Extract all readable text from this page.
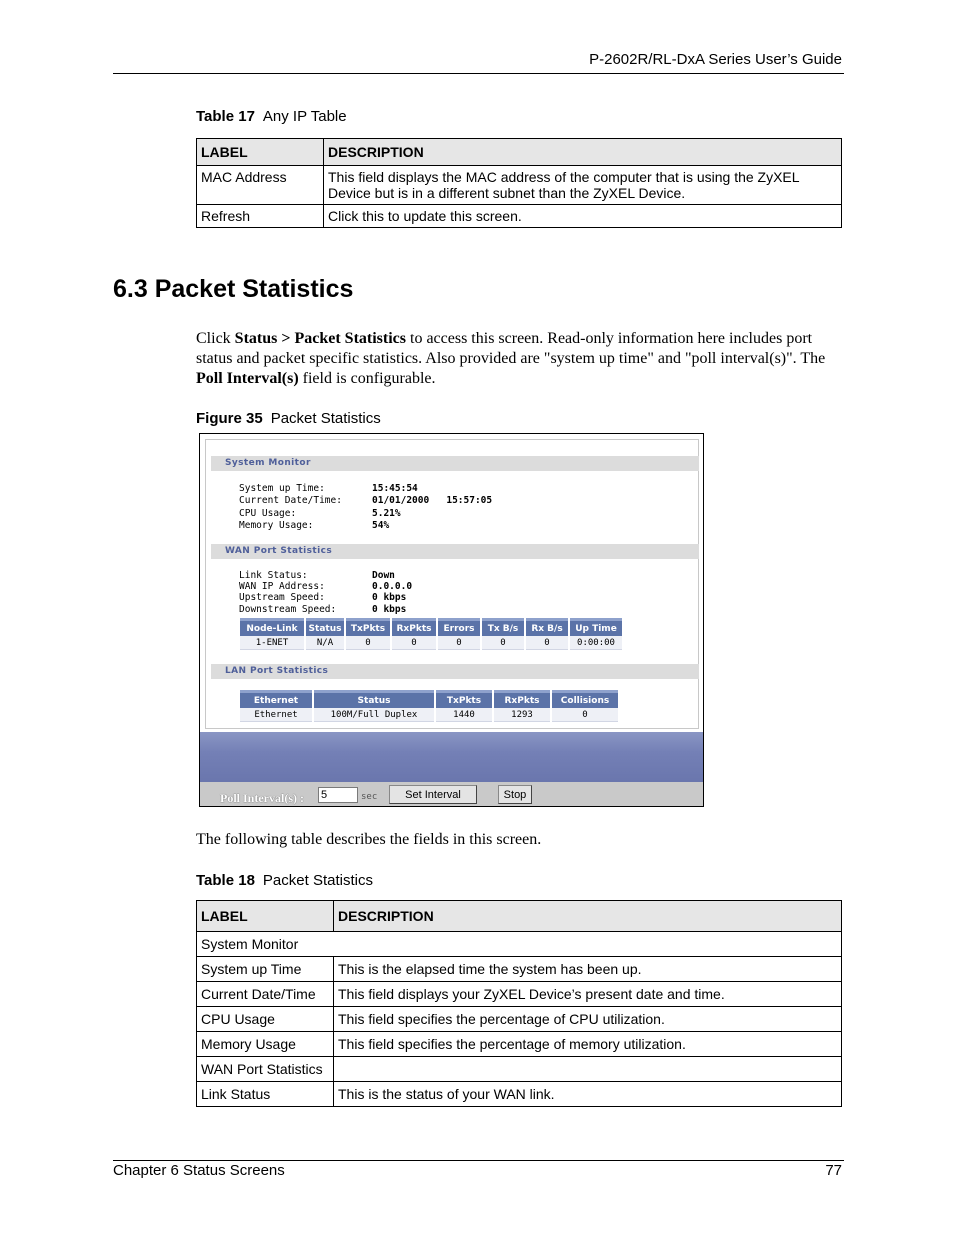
P-2602R/RL-DxA Series User’s Guide
Table 17 Any IP Table
LABEL	DESCRIPTION
MAC Address	This field displays the MAC address of the computer that is using the ZyXEL Device but is in a different subnet than the ZyXEL Device.
Refresh	Click this to update this screen.
6.3 Packet Statistics
Click Status > Packet Statistics to access this screen. Read-only information here includes port status and packet specific statistics. Also provided are "system up time" and "poll interval(s)". The Poll Interval(s) field is configurable.
Figure 35 Packet Statistics
System Monitor
System up Time:	15:45:54
Current Date/Time:	01/01/2000   15:57:05
CPU Usage:	5.21%
Memory Usage:	54%
WAN Port Statistics
Link Status:	Down
WAN IP Address:	0.0.0.0
Upstream Speed:	0 kbps
Downstream Speed:	0 kbps
Node-Link	Status	TxPkts	RxPkts	Errors	Tx B/s	Rx B/s	Up Time
1-ENET	N/A	0	0	0	0	0	0:00:00
LAN Port Statistics
Ethernet	Status	TxPkts	RxPkts	Collisions
Ethernet	100M/Full Duplex	1440	1293	0
Poll Interval(s) :
5	sec	Set Interval	Stop
The following table describes the fields in this screen.
Table 18 Packet Statistics
LABEL	DESCRIPTION
System Monitor	
System up Time	This is the elapsed time the system has been up.
Current Date/Time	This field displays your ZyXEL Device’s present date and time.
CPU Usage	This field specifies the percentage of CPU utilization.
Memory Usage	This field specifies the percentage of memory utilization.
WAN Port Statistics	
Link Status	This is the status of your WAN link.
Chapter 6 Status Screens	77
